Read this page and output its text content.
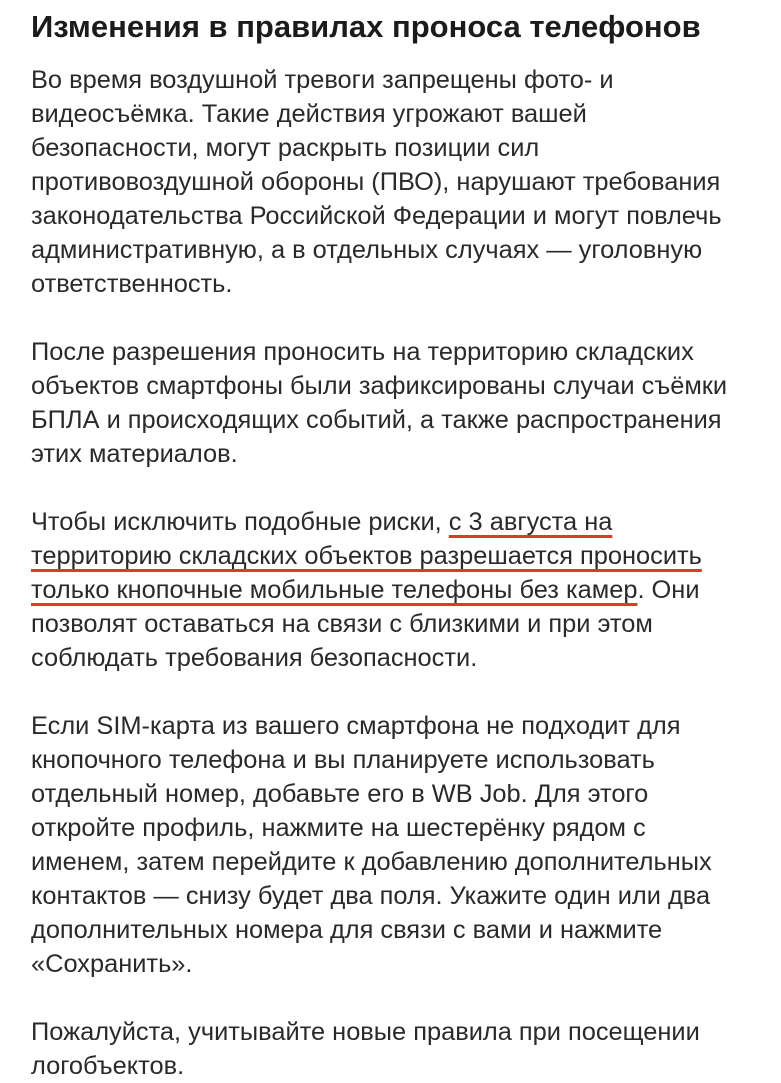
Изменения в правилах проноса телефонов

Во время воздушной тревоги запрещены фото- и видеосъёмка. Такие действия угрожают вашей безопасности, могут раскрыть позиции сил противовоздушной обороны (ПВО), нарушают требования законодательства Российской Федерации и могут повлечь административную, а в отдельных случаях — уголовную ответственность.

После разрешения проносить на территорию складских объектов смартфоны были зафиксированы случаи съёмки БПЛА и происходящих событий, а также распространения этих материалов.

Чтобы исключить подобные риски, с 3 августа на территорию складских объектов разрешается проносить только кнопочные мобильные телефоны без камер. Они позволят оставаться на связи с близкими и при этом соблюдать требования безопасности.

Если SIM-карта из вашего смартфона не подходит для кнопочного телефона и вы планируете использовать отдельный номер, добавьте его в WB Job. Для этого откройте профиль, нажмите на шестерёнку рядом с именем, затем перейдите к добавлению дополнительных контактов — снизу будет два поля. Укажите один или два дополнительных номера для связи с вами и нажмите «Сохранить».

Пожалуйста, учитывайте новые правила при посещении логобъектов.
